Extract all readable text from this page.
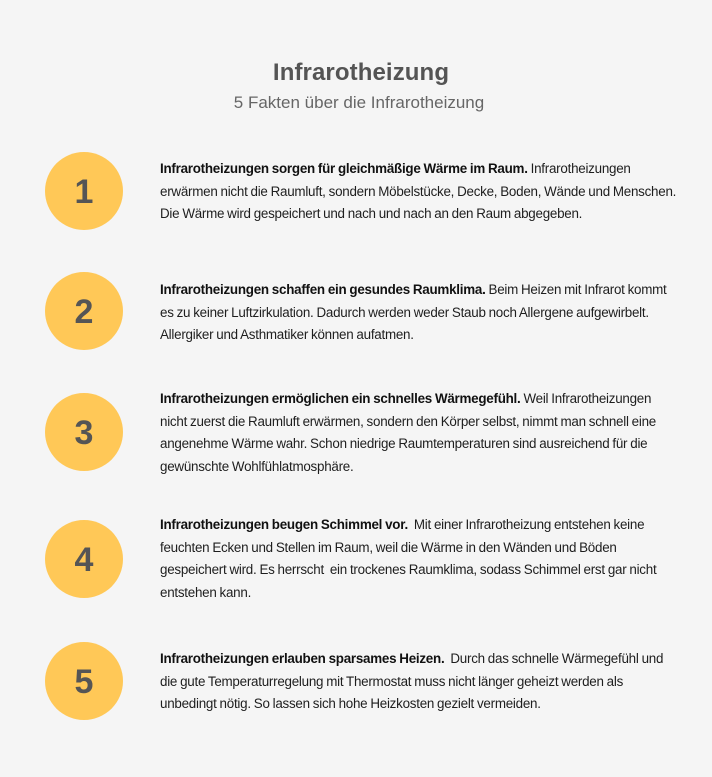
Infrarotheizung
5 Fakten über die Infrarotheizung
1
Infrarotheizungen sorgen für gleichmäßige Wärme im Raum. Infrarotheizungen erwärmen nicht die Raumluft, sondern Möbelstücke, Decke, Boden, Wände und Menschen. Die Wärme wird gespeichert und nach und nach an den Raum abgegeben.
2
Infrarotheizungen schaffen ein gesundes Raumklima. Beim Heizen mit Infrarot kommt es zu keiner Luftzirkulation. Dadurch werden weder Staub noch Allergene aufgewirbelt. Allergiker und Asthmatiker können aufatmen.
3
Infrarotheizungen ermöglichen ein schnelles Wärmegefühl. Weil Infrarotheizungen nicht zuerst die Raumluft erwärmen, sondern den Körper selbst, nimmt man schnell eine angenehme Wärme wahr. Schon niedrige Raumtemperaturen sind ausreichend für die gewünschte Wohlfühlatmosphäre.
4
Infrarotheizungen beugen Schimmel vor.  Mit einer Infrarotheizung entstehen keine feuchten Ecken und Stellen im Raum, weil die Wärme in den Wänden und Böden gespeichert wird. Es herrscht  ein trockenes Raumklima, sodass Schimmel erst gar nicht entstehen kann.
5
Infrarotheizungen erlauben sparsames Heizen.  Durch das schnelle Wärmegefühl und die gute Temperaturregelung mit Thermostat muss nicht länger geheizt werden als unbedingt nötig. So lassen sich hohe Heizkosten gezielt vermeiden.
